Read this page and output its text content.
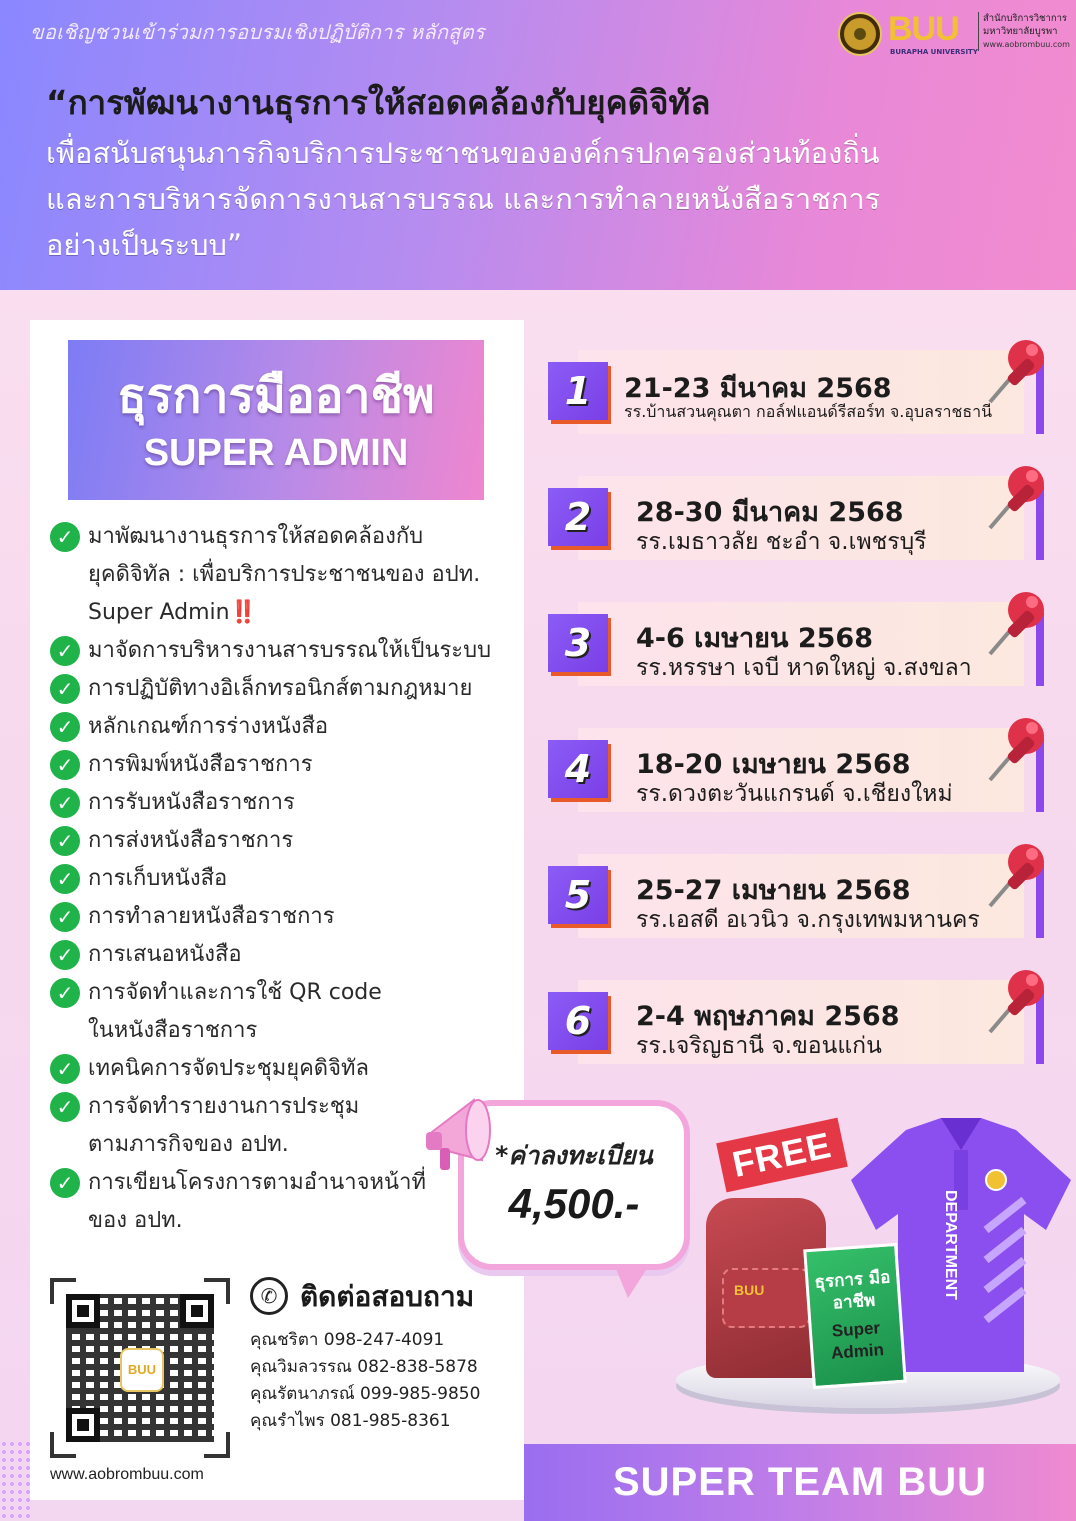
ขอเชิญชวนเข้าร่วมการอบรมเชิงปฏิบัติการ หลักสูตร
“การพัฒนางานธุรการให้สอดคล้องกับยุคดิจิทัล
เพื่อสนับสนุนภารกิจบริการประชาชนขององค์กรปกครองส่วนท้องถิ่น
และการบริหารจัดการงานสารบรรณ และการทำลายหนังสือราชการ
อย่างเป็นระบบ”
BUU
BURAPHA UNIVERSITY
สำนักบริการวิชาการ
มหาวิทยาลัยบูรพา
www.aobrombuu.com
ธุรการมืออาชีพ
SUPER ADMIN
✓ มาพัฒนางานธุรการให้สอดคล้องกับ
ยุคดิจิทัล : เพื่อบริการประชาชนของ อปท.
Super Admin‼️
✓ มาจัดการบริหารงานสารบรรณให้เป็นระบบ
✓ การปฏิบัติทางอิเล็กทรอนิกส์ตามกฎหมาย
✓ หลักเกณฑ์การร่างหนังสือ
✓ การพิมพ์หนังสือราชการ
✓ การรับหนังสือราชการ
✓ การส่งหนังสือราชการ
✓ การเก็บหนังสือ
✓ การทำลายหนังสือราชการ
✓ การเสนอหนังสือ
✓ การจัดทำและการใช้ QR code
ในหนังสือราชการ
✓ เทคนิคการจัดประชุมยุคดิจิทัล
✓ การจัดทำรายงานการประชุม
ตามภารกิจของ อปท.
✓ การเขียนโครงการตามอำนาจหน้าที่
ของ อปท.
BUU
www.aobrombuu.com
✆ ติดต่อสอบถาม
คุณชริตา 098-247-4091
คุณวิมลวรรณ 082-838-5878
คุณรัตนาภรณ์ 099-985-9850
คุณรำไพร 081-985-8361
1	21-23 มีนาคม 2568
รร.บ้านสวนคุณตา กอล์ฟแอนด์รีสอร์ท จ.อุบลราชธานี
2	28-30 มีนาคม 2568
รร.เมธาวลัย ชะอำ จ.เพชรบุรี
3	4-6 เมษายน 2568
รร.หรรษา เจบี หาดใหญ่ จ.สงขลา
4	18-20 เมษายน 2568
รร.ดวงตะวันแกรนด์ จ.เชียงใหม่
5	25-27 เมษายน 2568
รร.เอสดี อเวนิว จ.กรุงเทพมหานคร
6	2-4 พฤษภาคม 2568
รร.เจริญธานี จ.ขอนแก่น
*ค่าลงทะเบียน
4,500.-	DEPARTMENT
BUU	ธุรการ มืออาชีพ
Super Admin
FREE
SUPER TEAM BUU
